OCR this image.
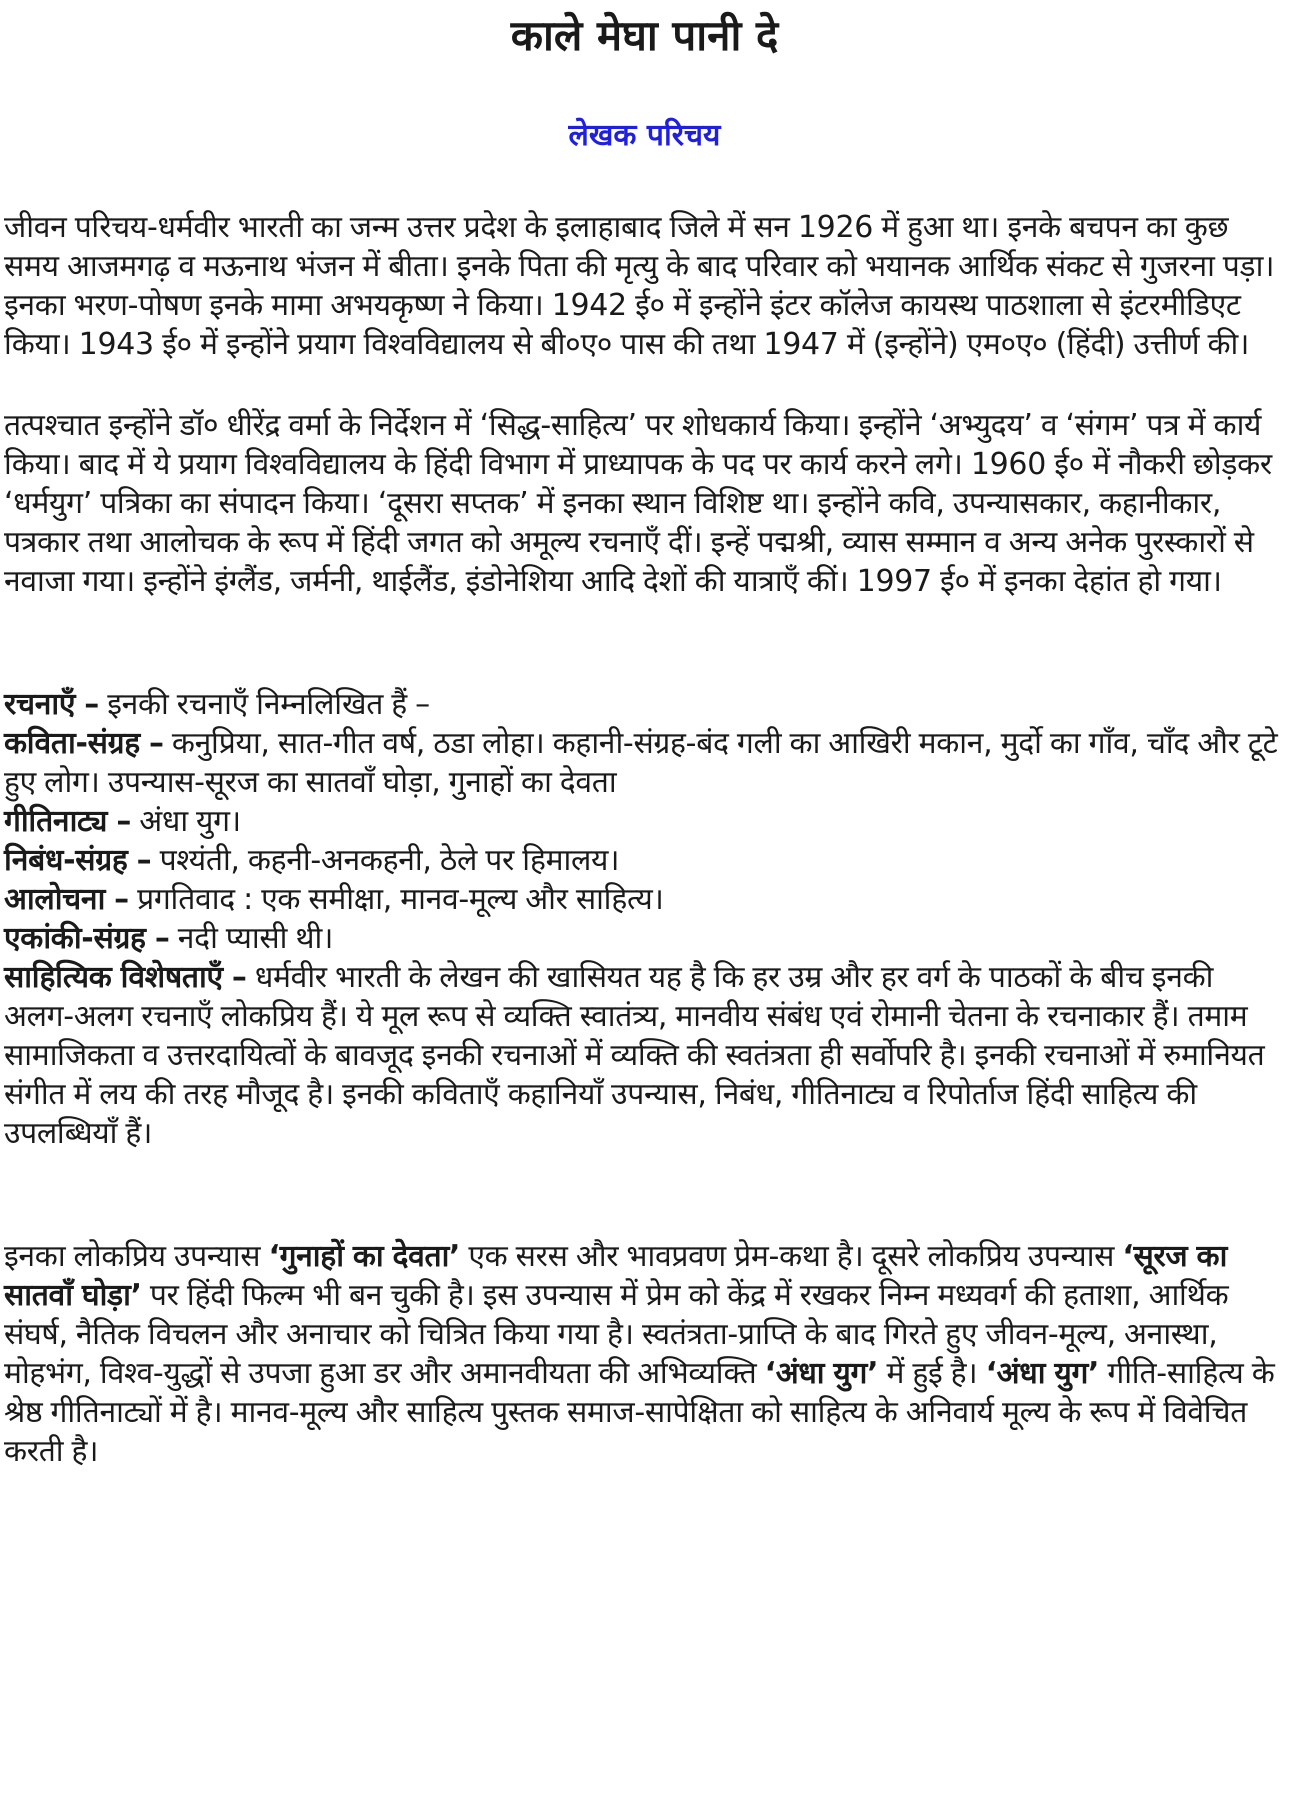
काले मेघा पानी दे
लेखक परिचय

जीवन परिचय-धर्मवीर भारती का जन्म उत्तर प्रदेश के इलाहाबाद जिले में सन 1926 में हुआ था। इनके बचपन का कुछ समय आजमगढ़ व मऊनाथ भंजन में बीता। इनके पिता की मृत्यु के बाद परिवार को भयानक आर्थिक संकट से गुजरना पड़ा। इनका भरण-पोषण इनके मामा अभयकृष्ण ने किया। 1942 ई० में इन्होंने इंटर कॉलेज कायस्थ पाठशाला से इंटरमीडिएट किया। 1943 ई० में इन्होंने प्रयाग विश्वविद्यालय से बी०ए० पास की तथा 1947 में (इन्होंने) एम०ए० (हिंदी) उत्तीर्ण की।

तत्पश्चात इन्होंने डॉ० धीरेंद्र वर्मा के निर्देशन में ‘सिद्ध-साहित्य’ पर शोधकार्य किया। इन्होंने ‘अभ्युदय’ व ‘संगम’ पत्र में कार्य किया। बाद में ये प्रयाग विश्वविद्यालय के हिंदी विभाग में प्राध्यापक के पद पर कार्य करने लगे। 1960 ई० में नौकरी छोड़कर ‘धर्मयुग’ पत्रिका का संपादन किया। ‘दूसरा सप्तक’ में इनका स्थान विशिष्ट था। इन्होंने कवि, उपन्यासकार, कहानीकार, पत्रकार तथा आलोचक के रूप में हिंदी जगत को अमूल्य रचनाएँ दीं। इन्हें पद्मश्री, व्यास सम्मान व अन्य अनेक पुरस्कारों से नवाजा गया। इन्होंने इंग्लैंड, जर्मनी, थाईलैंड, इंडोनेशिया आदि देशों की यात्राएँ कीं। 1997 ई० में इनका देहांत हो गया।

रचनाएँ – इनकी रचनाएँ निम्नलिखित हैं –

कविता-संग्रह – कनुप्रिया, सात-गीत वर्ष, ठडा लोहा। कहानी-संग्रह-बंद गली का आखिरी मकान, मुर्दो का गाँव, चाँद और टूटे हुए लोग। उपन्यास-सूरज का सातवाँ घोड़ा, गुनाहों का देवता

गीतिनाट्य – अंधा युग।

निबंध-संग्रह – पश्यंती, कहनी-अनकहनी, ठेले पर हिमालय।

आलोचना – प्रगतिवाद : एक समीक्षा, मानव-मूल्य और साहित्य।

एकांकी-संग्रह – नदी प्यासी थी।

साहित्यिक विशेषताएँ – धर्मवीर भारती के लेखन की खासियत यह है कि हर उम्र और हर वर्ग के पाठकों के बीच इनकी अलग-अलग रचनाएँ लोकप्रिय हैं। ये मूल रूप से व्यक्ति स्वातंत्र्य, मानवीय संबंध एवं रोमानी चेतना के रचनाकार हैं। तमाम सामाजिकता व उत्तरदायित्वों के बावजूद इनकी रचनाओं में व्यक्ति की स्वतंत्रता ही सर्वोपरि है। इनकी रचनाओं में रुमानियत संगीत में लय की तरह मौजूद है। इनकी कविताएँ कहानियाँ उपन्यास, निबंध, गीतिनाट्य व रिपोर्ताज हिंदी साहित्य की उपलब्धियाँ हैं।

इनका लोकप्रिय उपन्यास ‘गुनाहों का देवता’ एक सरस और भावप्रवण प्रेम-कथा है। दूसरे लोकप्रिय उपन्यास ‘सूरज का सातवाँ घोड़ा’ पर हिंदी फिल्म भी बन चुकी है। इस उपन्यास में प्रेम को केंद्र में रखकर निम्न मध्यवर्ग की हताशा, आर्थिक संघर्ष, नैतिक विचलन और अनाचार को चित्रित किया गया है। स्वतंत्रता-प्राप्ति के बाद गिरते हुए जीवन-मूल्य, अनास्था, मोहभंग, विश्व-युद्धों से उपजा हुआ डर और अमानवीयता की अभिव्यक्ति ‘अंधा युग’ में हुई है। ‘अंधा युग’ गीति-साहित्य के श्रेष्ठ गीतिनाट्यों में है। मानव-मूल्य और साहित्य पुस्तक समाज-सापेक्षिता को साहित्य के अनिवार्य मूल्य के रूप में विवेचित करती है।
